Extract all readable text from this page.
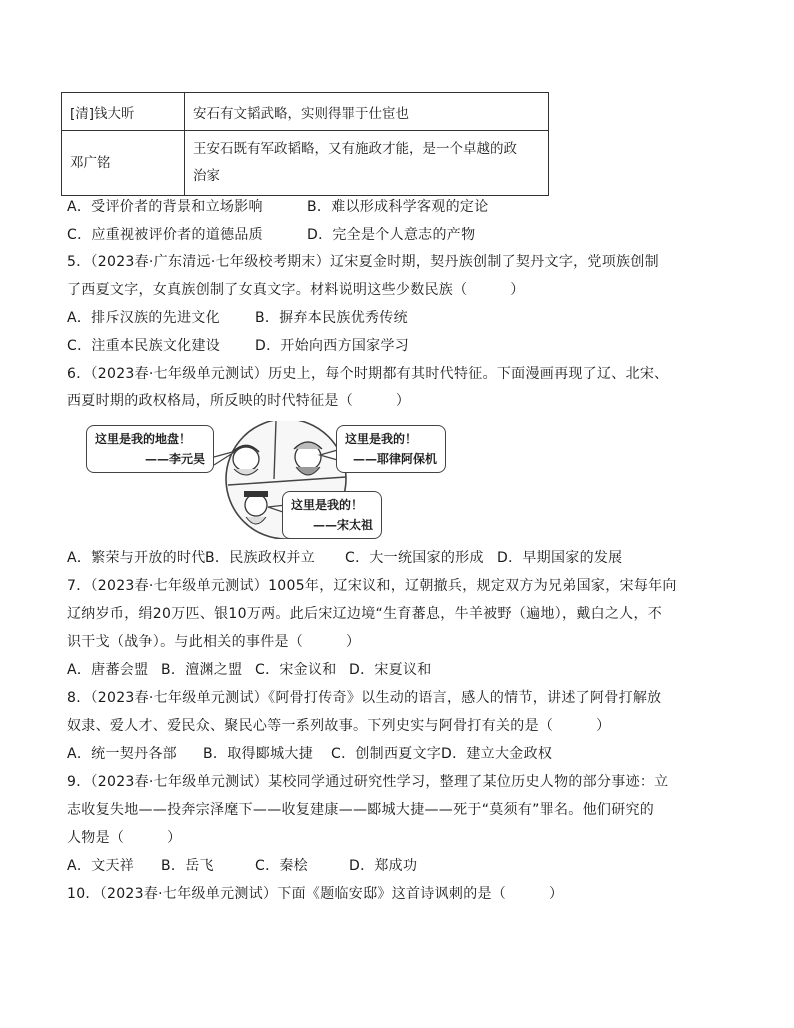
[清]钱大昕	安石有文韬武略，实则得罪于仕宦也
邓广铭	王安石既有军政韬略，又有施政才能，是一个卓越的政
治家
A．受评价者的背景和立场影响	B．难以形成科学客观的定论
C．应重视被评价者的道德品质	D．完全是个人意志的产物
5．（2023春·广东清远·七年级校考期末）辽宋夏金时期，契丹族创制了契丹文字，党项族创制
了西夏文字，女真族创制了女真文字。材料说明这些少数民族（　　　）
A．排斥汉族的先进文化	B．摒弃本民族优秀传统
C．注重本民族文化建设 D．开始向西方国家学习
6．（2023春·七年级单元测试）历史上，每个时期都有其时代特征。下面漫画再现了辽、北宋、
西夏时期的政权格局，所反映的时代特征是（　　　）
这里是我的地盘！
——李元昊
这里是我的！
——耶律阿保机
这里是我的！
——宋太祖
A．繁荣与开放的时代B．民族政权并立 C．大一统国家的形成 D．早期国家的发展
7．（2023春·七年级单元测试）1005年，辽宋议和，辽朝撤兵，规定双方为兄弟国家，宋每年向
辽纳岁币，绢20万匹、银10万两。此后宋辽边境“生育蕃息，牛羊被野（遍地），戴白之人，不
识干戈（战争）。与此相关的事件是（　　　）
A．唐蕃会盟 B．澶渊之盟 C．宋金议和 D．宋夏议和
8．（2023春·七年级单元测试）《阿骨打传奇》以生动的语言，感人的情节，讲述了阿骨打解放
奴隶、爱人才、爱民众、聚民心等一系列故事。下列史实与阿骨打有关的是（　　　）
A．统一契丹各部 B．取得郾城大捷 C．创制西夏文字D．建立大金政权
9．（2023春·七年级单元测试）某校同学通过研究性学习，整理了某位历史人物的部分事迹：立
志收复失地——投奔宗泽麾下——收复建康——郾城大捷——死于“莫须有”罪名。他们研究的
人物是（　　　）
A．文天祥 B．岳飞	C．秦桧	D．郑成功
10．（2023春·七年级单元测试）下面《题临安邸》这首诗讽刺的是（　　　）
